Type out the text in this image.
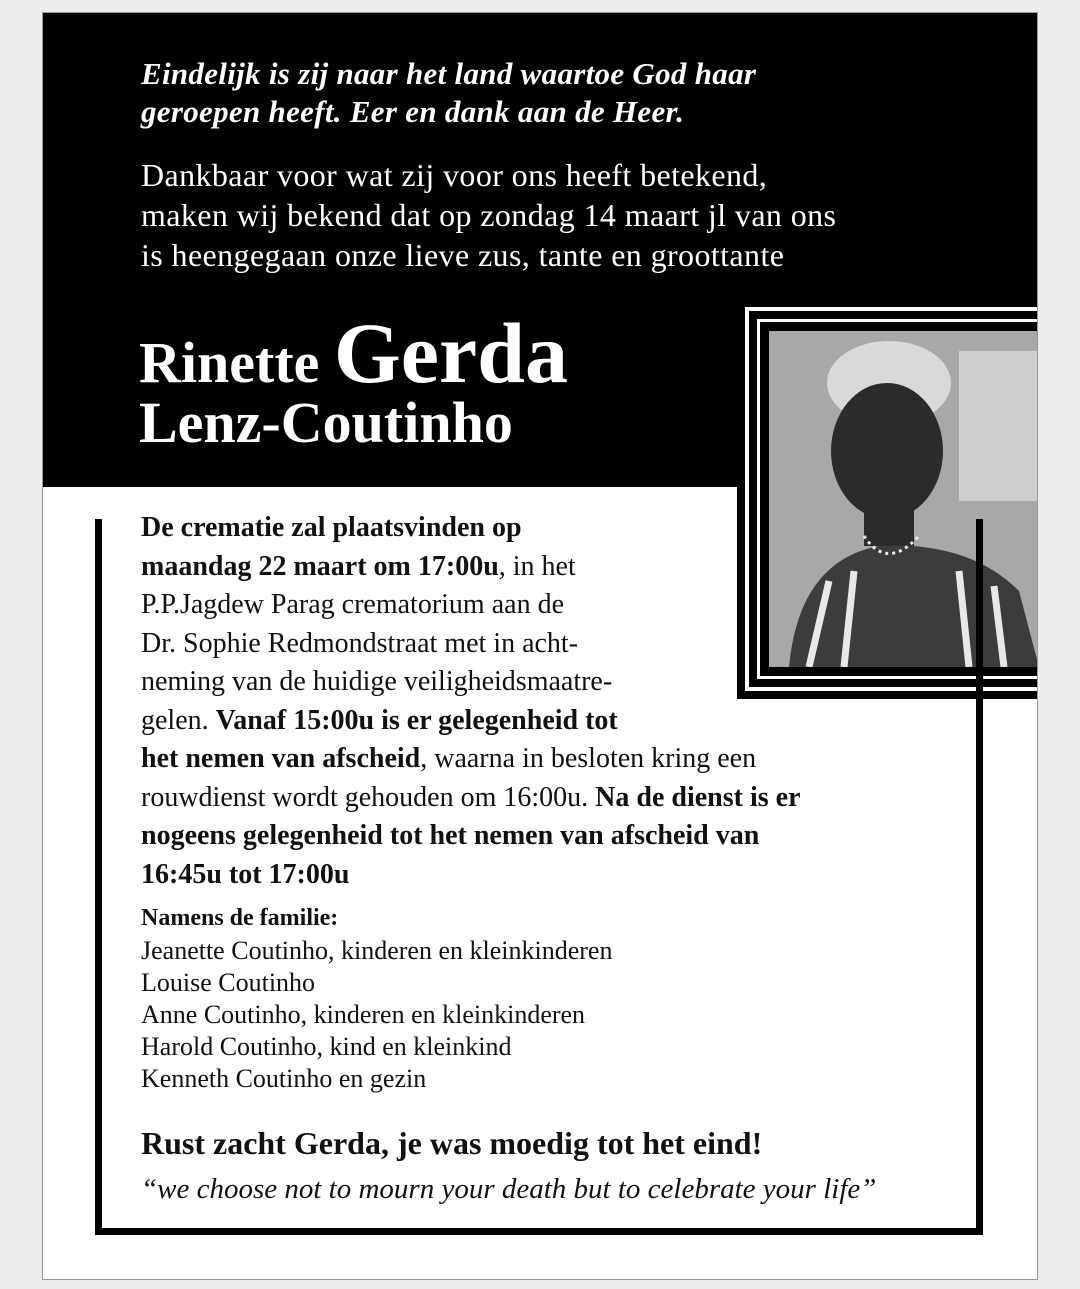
Eindelijk is zij naar het land waartoe God haar
geroepen heeft. Eer en dank aan de Heer.

Dankbaar voor wat zij voor ons heeft betekend,
maken wij bekend dat op zondag 14 maart jl van ons
is heengegaan onze lieve zus, tante en groottante

Rinette Gerda
Lenz-Coutinho

De crematie zal plaatsvinden op
maandag 22 maart om 17:00u, in het
P.P.Jagdew Parag crematorium aan de
Dr. Sophie Redmondstraat met in acht-
neming van de huidige veiligheidsmaatre-
gelen. Vanaf 15:00u is er gelegenheid tot
het nemen van afscheid, waarna in besloten kring een
rouwdienst wordt gehouden om 16:00u. Na de dienst is er
nogeens gelegenheid tot het nemen van afscheid van
16:45u tot 17:00u

Namens de familie:
Jeanette Coutinho, kinderen en kleinkinderen
Louise Coutinho
Anne Coutinho, kinderen en kleinkinderen
Harold Coutinho, kind en kleinkind
Kenneth Coutinho en gezin
Rust zacht Gerda, je was moedig tot het eind!
“we choose not to mourn your death but to celebrate your life”
